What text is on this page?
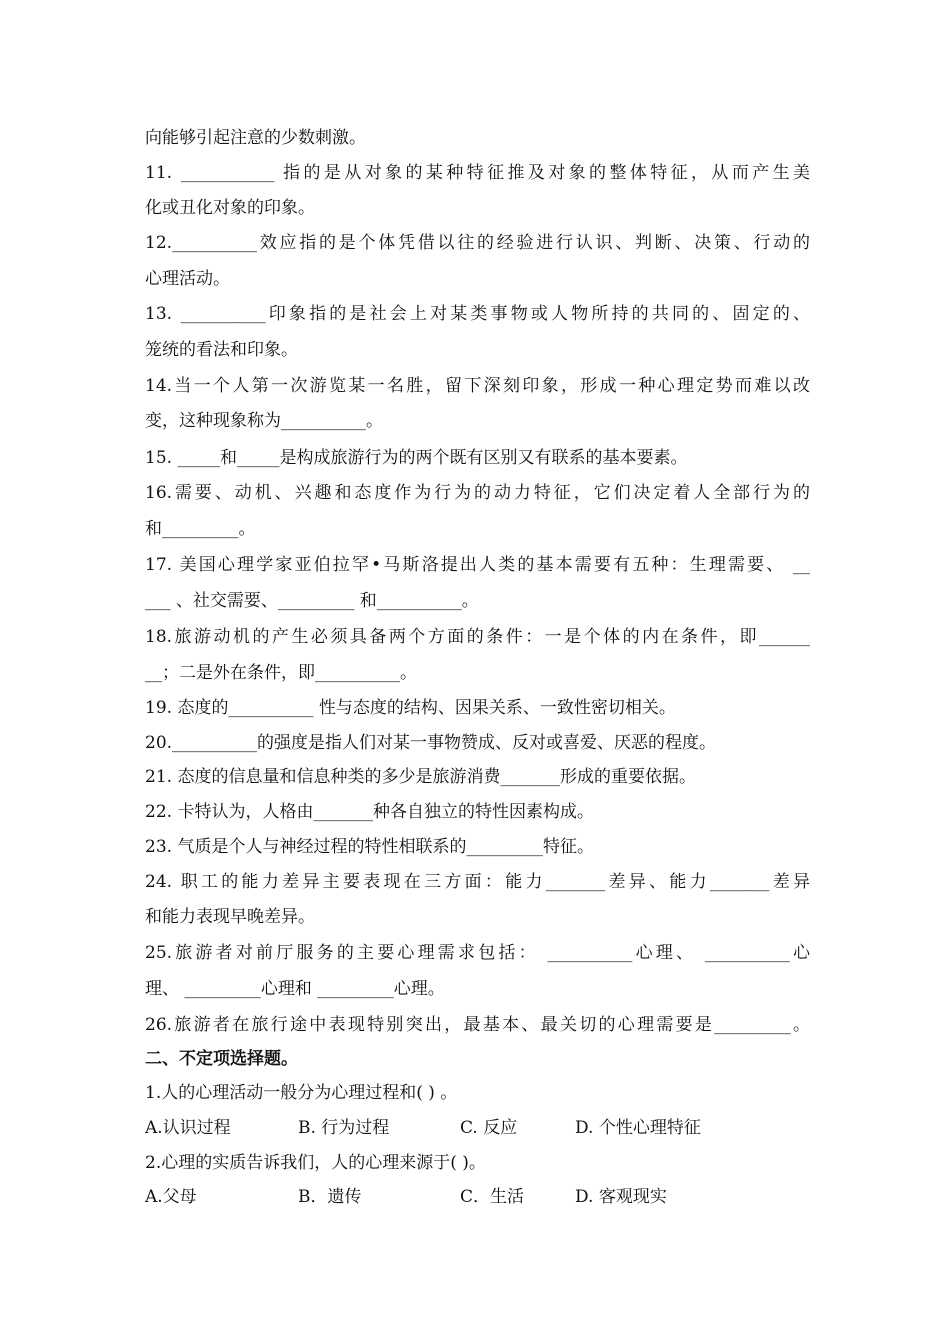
向能够引起注意的少数刺激。
11. ___________ 指的是从对象的某种特征推及对象的整体特征，从而产生美
化或丑化对象的印象。
12.__________效应指的是个体凭借以往的经验进行认识、判断、决策、行动的
心理活动。
13. __________印象指的是社会上对某类事物或人物所持的共同的、固定的、
笼统的看法和印象。
14.当一个人第一次游览某一名胜，留下深刻印象，形成一种心理定势而难以改
变，这种现象称为__________。
15. _____和_____是构成旅游行为的两个既有区别又有联系的基本要素。
16.需要、动机、兴趣和态度作为行为的动力特征，它们决定着人全部行为的
和_________。
17. 美国心理学家亚伯拉罕•马斯洛提出人类的基本需要有五种：生理需要、 __
___ 、社交需要、_________ 和__________。
18.旅游动机的产生必须具备两个方面的条件：一是个体的内在条件，即______
__；二是外在条件，即__________。
19. 态度的__________ 性与态度的结构、因果关系、一致性密切相关。
20.__________的强度是指人们对某一事物赞成、反对或喜爱、厌恶的程度。
21. 态度的信息量和信息种类的多少是旅游消费_______形成的重要依据。
22. 卡特认为，人格由_______种各自独立的特性因素构成。
23. 气质是个人与神经过程的特性相联系的_________特征。
24. 职工的能力差异主要表现在三方面：能力_______差异、能力_______差异
和能力表现早晚差异。
25.旅游者对前厅服务的主要心理需求包括： __________心理、 __________心
理、 _________心理和 _________心理。
26.旅游者在旅行途中表现特别突出，最基本、最关切的心理需要是_________。
二、不定项选择题。
1.人的心理活动一般分为心理过程和( ) 。
A.认识过程	B. 行为过程	C. 反应	D. 个性心理特征
2.心理的实质告诉我们，人的心理来源于( )。
A.父母	B．遗传	C．生活	D. 客观现实
